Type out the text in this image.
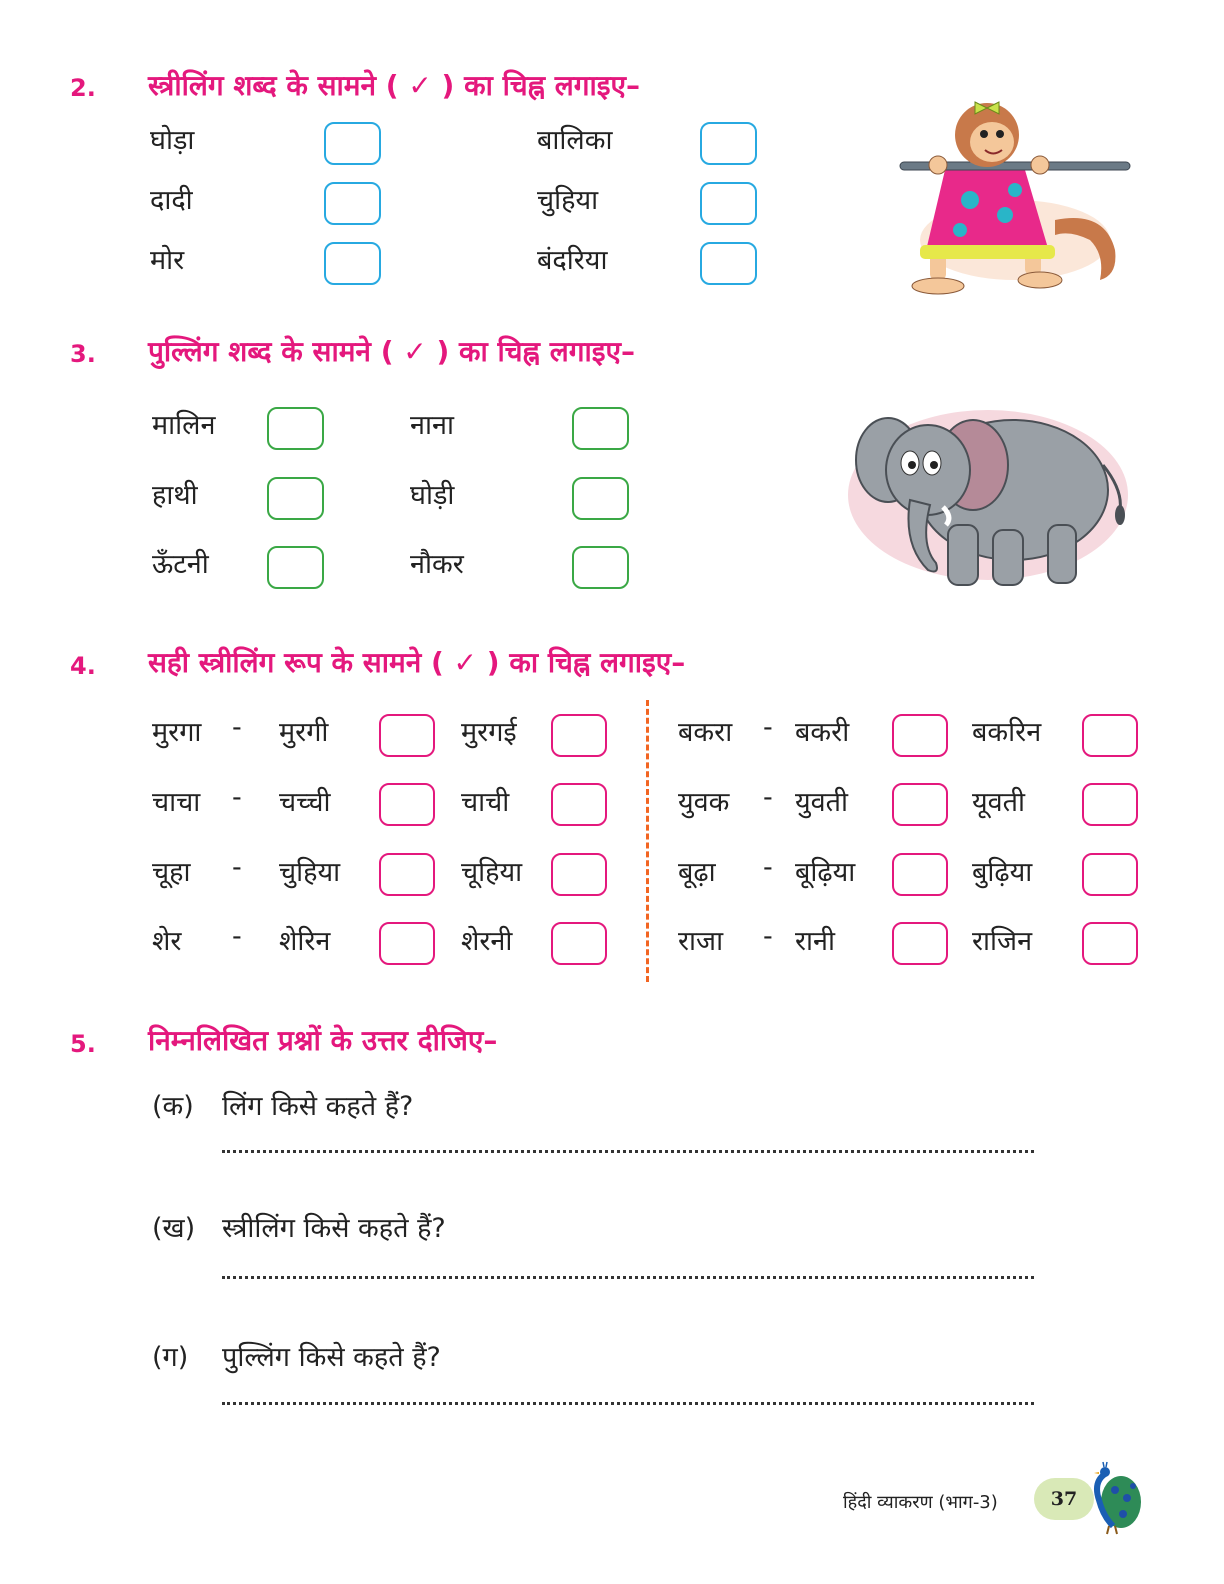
2. स्त्रीलिंग शब्द के सामने ( ✓ ) का चिह्न लगाइए–
घोड़ा
दादी
मोर
बालिका
चुहिया
बंदरिया
3. पुल्लिंग शब्द के सामने ( ✓ ) का चिह्न लगाइए–
मालिन
हाथी
ऊँटनी
नाना
घोड़ी
नौकर
4. सही स्त्रीलिंग रूप के सामने ( ✓ ) का चिह्न लगाइए–
मुरगा - मुरगी	मुरगई
चाचा - चच्ची	चाची
चूहा - चुहिया	चूहिया
शेर - शेरिन	शेरनी
बकरा - बकरी	बकरिन
युवक - युवती	यूवती
बूढ़ा - बूढ़िया	बुढ़िया
राजा - रानी	राजिन
5. निम्नलिखित प्रश्नों के उत्तर दीजिए–
(क) लिंग किसे कहते हैं?
(ख) स्त्रीलिंग किसे कहते हैं?
(ग) पुल्लिंग किसे कहते हैं?
हिंदी व्याकरण (भाग-3)	37
